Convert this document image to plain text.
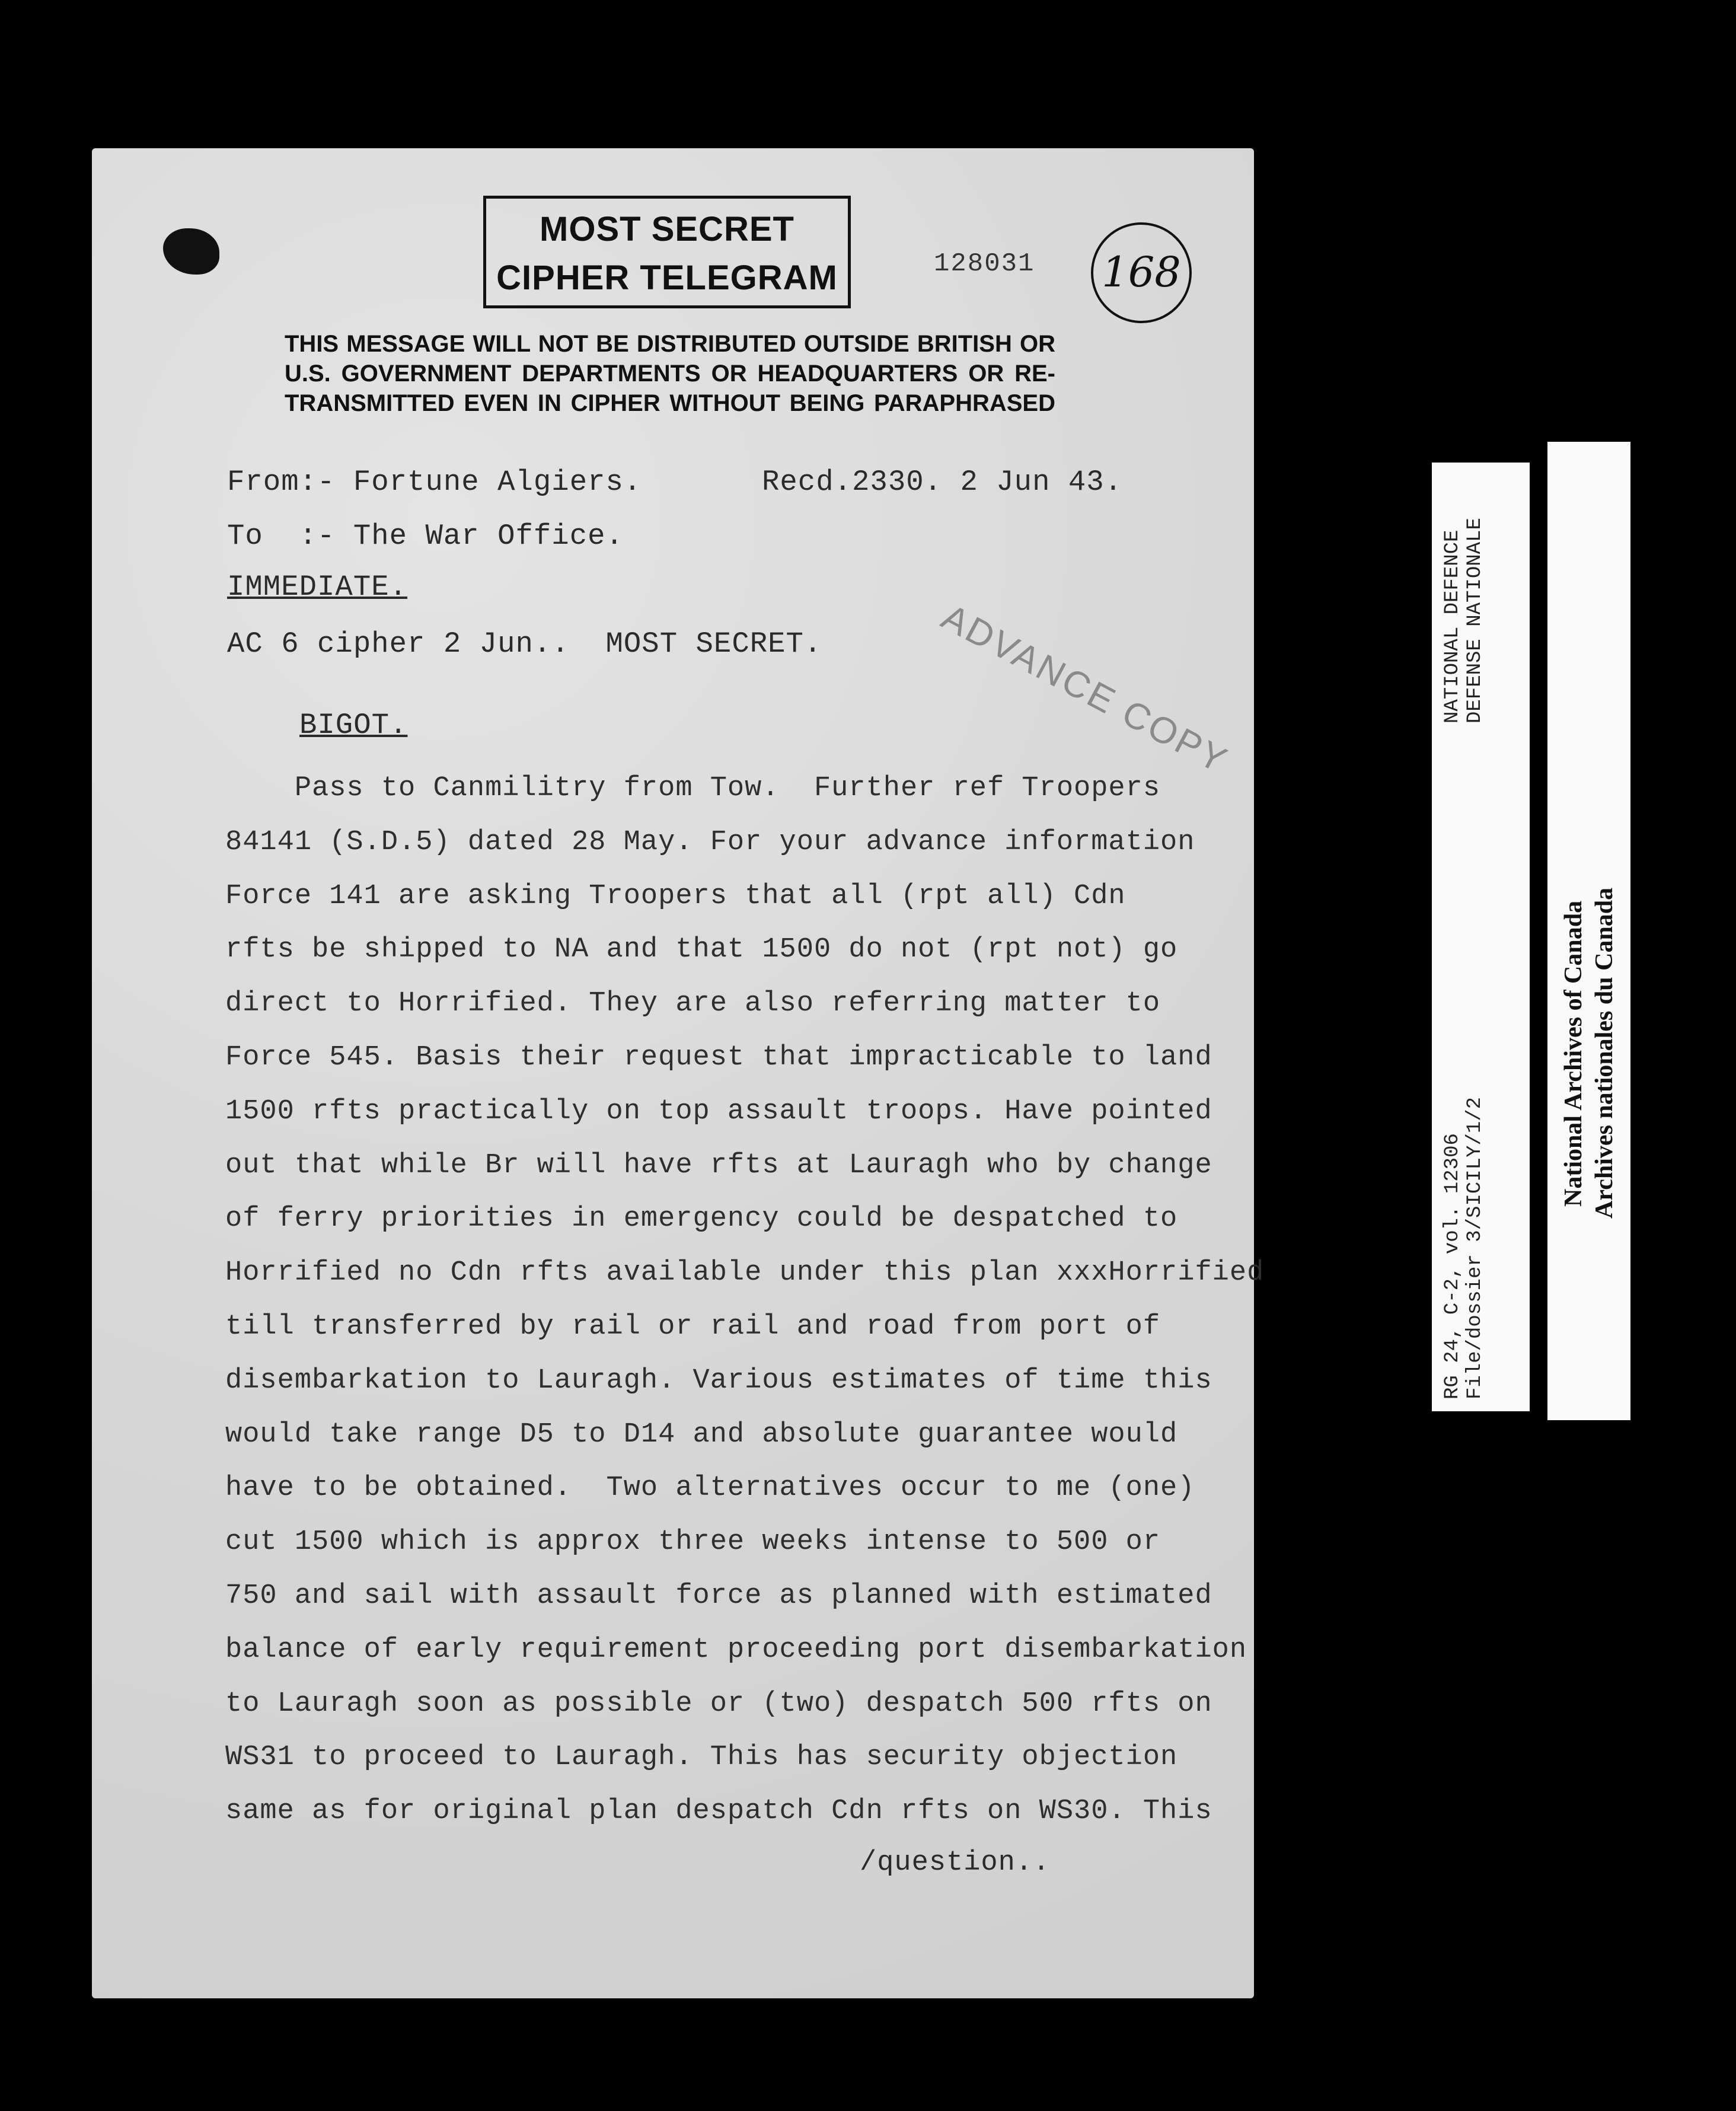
MOST SECRET
CIPHER TELEGRAM	128031 168
THIS MESSAGE WILL NOT BE DISTRIBUTED OUTSIDE BRITISH OR U.S. GOVERNMENT DEPARTMENTS OR HEADQUARTERS OR RE-TRANSMITTED EVEN IN CIPHER WITHOUT BEING PARAPHRASED
From:- Fortune Algiers.	Recd.2330. 2 Jun 43.
To  :- The War Office.
IMMEDIATE.
AC 6 cipher 2 Jun..  MOST SECRET.	ADVANCE COPY
BIGOT.
Pass to Canmilitry from Tow.  Further ref Troopers
84141 (S.D.5) dated 28 May. For your advance information
Force 141 are asking Troopers that all (rpt all) Cdn
rfts be shipped to NA and that 1500 do not (rpt not) go
direct to Horrified. They are also referring matter to
Force 545. Basis their request that impracticable to land
1500 rfts practically on top assault troops. Have pointed
out that while Br will have rfts at Lauragh who by change
of ferry priorities in emergency could be despatched to
Horrified no Cdn rfts available under this plan xxxHorrified
till transferred by rail or rail and road from port of
disembarkation to Lauragh. Various estimates of time this
would take range D5 to D14 and absolute guarantee would
have to be obtained.  Two alternatives occur to me (one)
cut 1500 which is approx three weeks intense to 500 or
750 and sail with assault force as planned with estimated
balance of early requirement proceeding port disembarkation
to Lauragh soon as possible or (two) despatch 500 rfts on
WS31 to proceed to Lauragh. This has security objection
same as for original plan despatch Cdn rfts on WS30. This
/question..
RG 24, C-2, vol. 12306 File/dossier 3/SICILY/1/2
NATIONAL DEFENCE DEFENSE NATIONALE
National Archives of Canada Archives nationales du Canada
